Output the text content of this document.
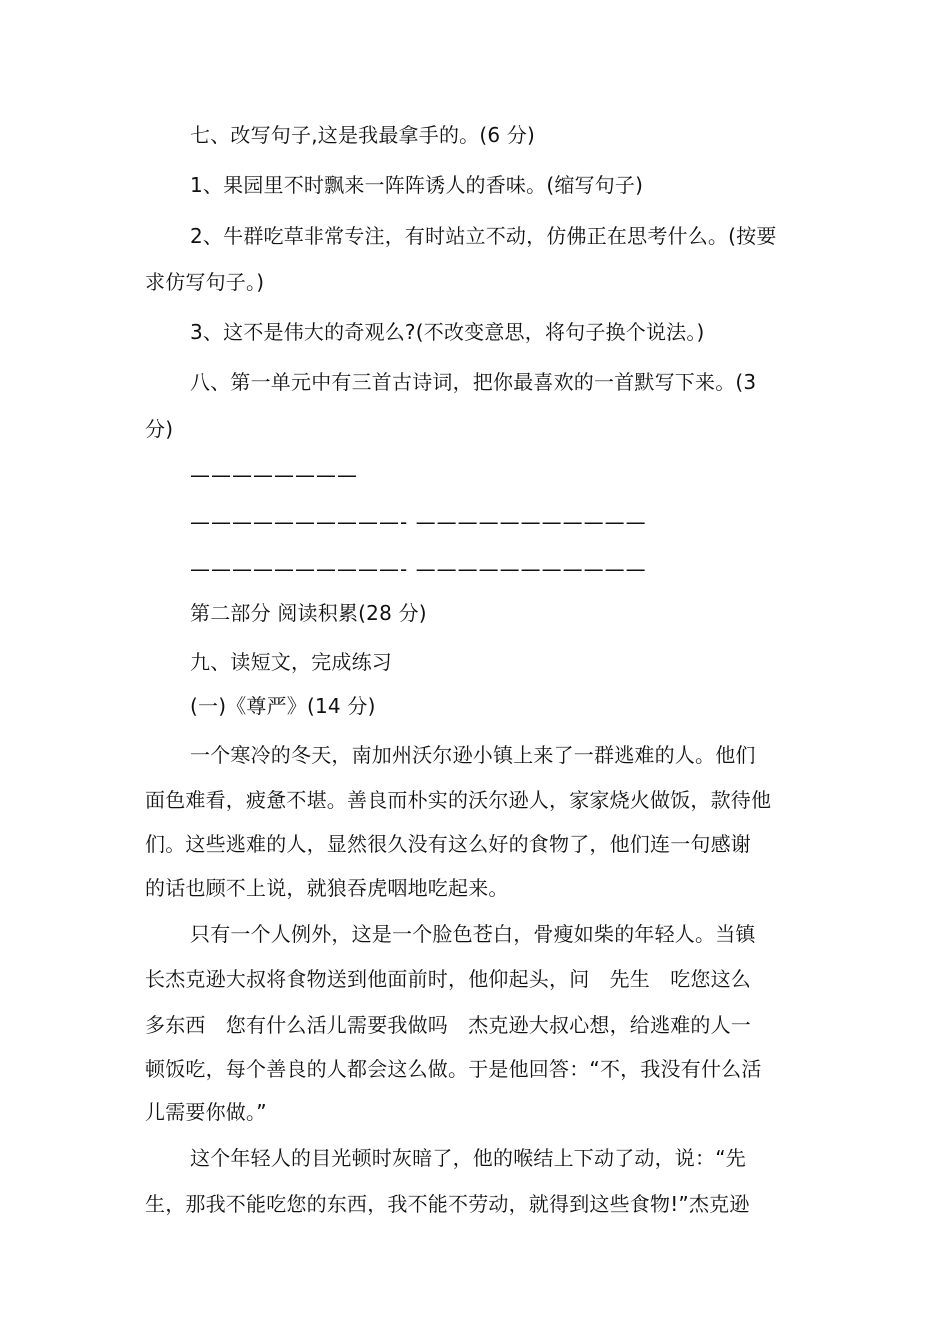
七、改写句子,这是我最拿手的。(6 分)
1、果园里不时飘来一阵阵诱人的香味。(缩写句子)
2、牛群吃草非常专注，有时站立不动，仿佛正在思考什么。(按要
求仿写句子。)
3、这不是伟大的奇观么?(不改变意思，将句子换个说法。)
八、第一单元中有三首古诗词，把你最喜欢的一首默写下来。(3
分)
————————
——————————- ———————————
——————————- ———————————
第二部分 阅读积累(28 分)
九、读短文，完成练习
(一)《尊严》(14 分)
一个寒冷的冬天，南加州沃尔逊小镇上来了一群逃难的人。他们
面色难看，疲惫不堪。善良而朴实的沃尔逊人，家家烧火做饭，款待他
们。这些逃难的人，显然很久没有这么好的食物了，他们连一句感谢
的话也顾不上说，就狼吞虎咽地吃起来。
只有一个人例外，这是一个脸色苍白，骨瘦如柴的年轻人。当镇
长杰克逊大叔将食物送到他面前时，他仰起头，问　先生　吃您这么
多东西　您有什么活儿需要我做吗　杰克逊大叔心想，给逃难的人一
顿饭吃，每个善良的人都会这么做。于是他回答：“不，我没有什么活
儿需要你做。”
这个年轻人的目光顿时灰暗了，他的喉结上下动了动，说：“先
生，那我不能吃您的东西，我不能不劳动，就得到这些食物!”杰克逊
